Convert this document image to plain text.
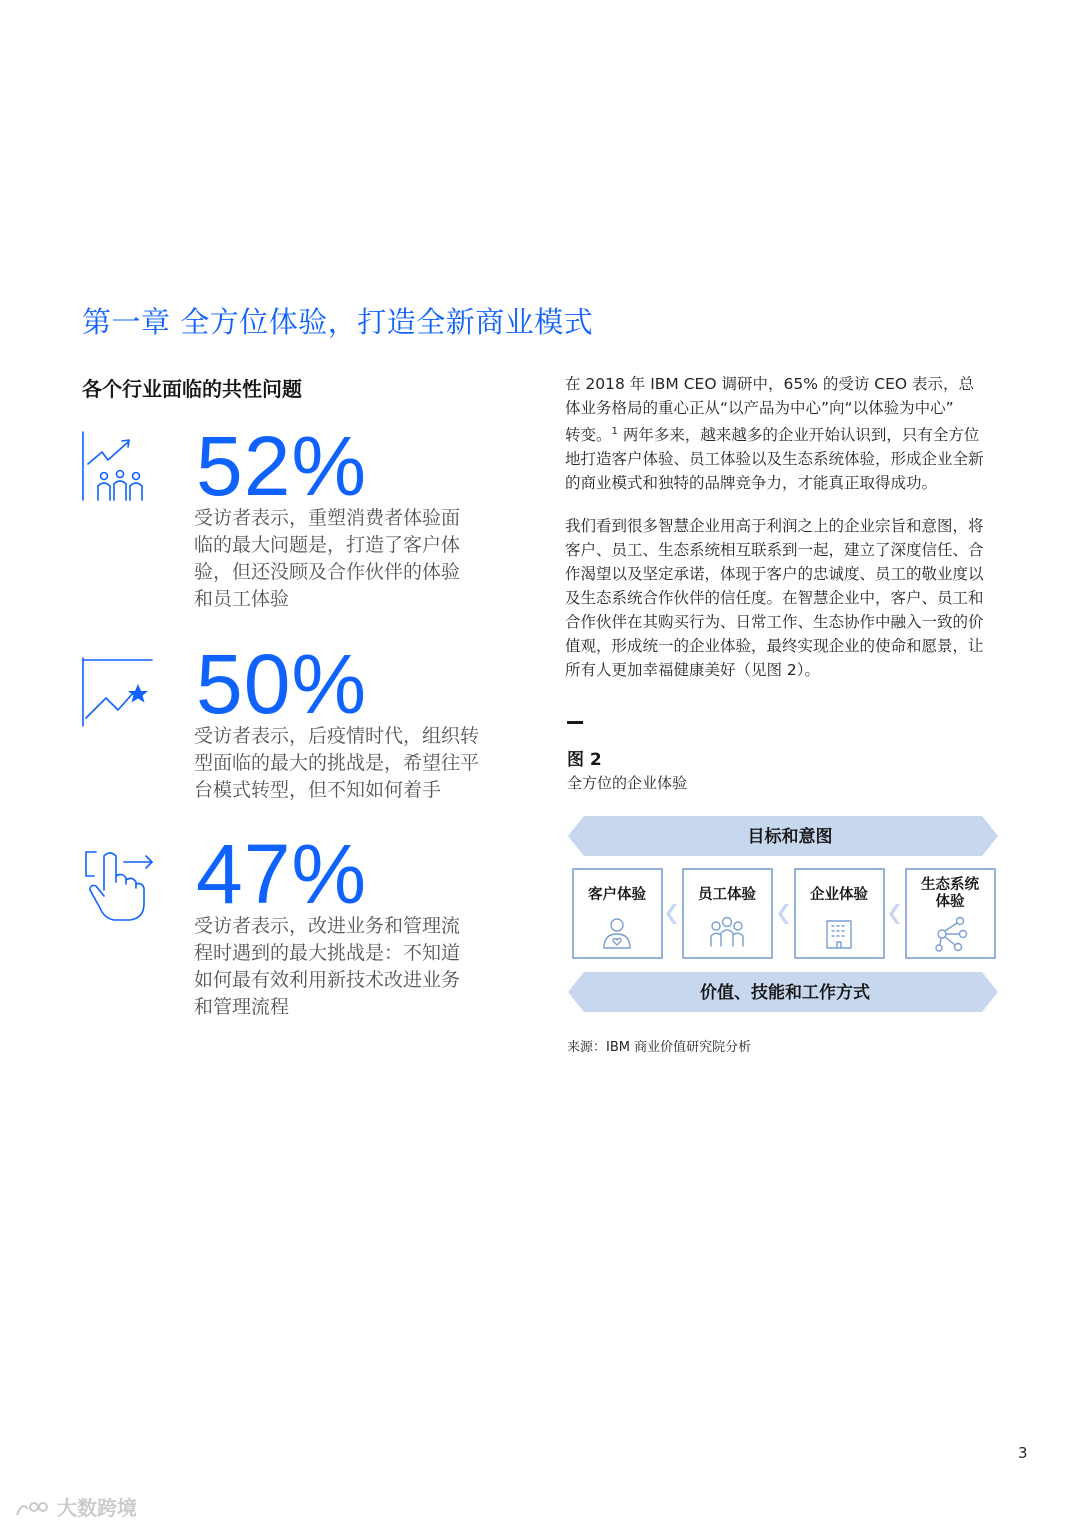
第一章 全方位体验，打造全新商业模式
各个行业面临的共性问题
52%
受访者表示，重塑消费者体验面
临的最大问题是，打造了客户体
验，但还没顾及合作伙伴的体验
和员工体验
50%
受访者表示，后疫情时代，组织转
型面临的最大的挑战是，希望往平
台模式转型，但不知如何着手
47%
受访者表示，改进业务和管理流
程时遇到的最大挑战是：不知道
如何最有效利用新技术改进业务
和管理流程
在 2018 年 IBM CEO 调研中，65% 的受访 CEO 表示，总
体业务格局的重心正从“以产品为中心”向“以体验为中心”
转变。$^1$ 两年多来，越来越多的企业开始认识到，只有全方位
地打造客户体验、员工体验以及生态系统体验，形成企业全新
的商业模式和独特的品牌竞争力，才能真正取得成功。
我们看到很多智慧企业用高于利润之上的企业宗旨和意图，将
客户、员工、生态系统相互联系到一起，建立了深度信任、合
作渴望以及坚定承诺，体现于客户的忠诚度、员工的敬业度以
及生态系统合作伙伴的信任度。在智慧企业中，客户、员工和
合作伙伴在其购买行为、日常工作、生态协作中融入一致的价
值观，形成统一的企业体验，最终实现企业的使命和愿景，让
所有人更加幸福健康美好（见图 2）。
图 2
全方位的企业体验
目标和意图
客户体验	员工体验	企业体验
生态系统
体验
价值、技能和工作方式
来源：IBM 商业价值研究院分析
3
大数跨境
